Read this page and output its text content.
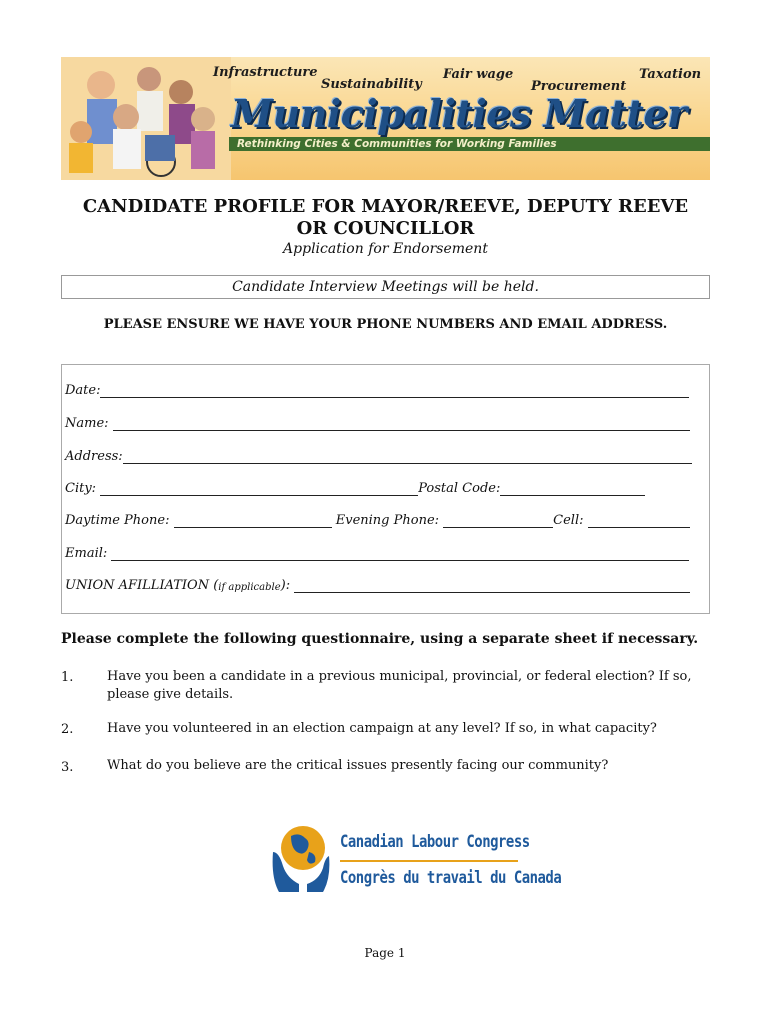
Infrastructure
Sustainability
Fair wage
Procurement
Taxation
Municipalities Matter
Rethinking Cities & Communities for Working Families
CANDIDATE PROFILE FOR MAYOR/REEVE, DEPUTY REEVE
OR COUNCILLOR
Application for Endorsement
Candidate Interview Meetings will be held.
PLEASE ENSURE WE HAVE YOUR PHONE NUMBERS AND EMAIL ADDRESS.
Date:
Name:

Address:
City:
	Postal Code:
Daytime Phone:

	Evening Phone:
	Cell:

Email:

UNION AFILLIATION ( if applicable ):

Please complete the following questionnaire, using a separate sheet if necessary.
1.	Have you been a candidate in a previous municipal, provincial, or federal election? If so, please give details.
2.	Have you volunteered in an election campaign at any level? If so, in what capacity?
3.	What do you believe are the critical issues presently facing our community?
Canadian Labour Congress
Congrès du travail du Canada
Page 1
